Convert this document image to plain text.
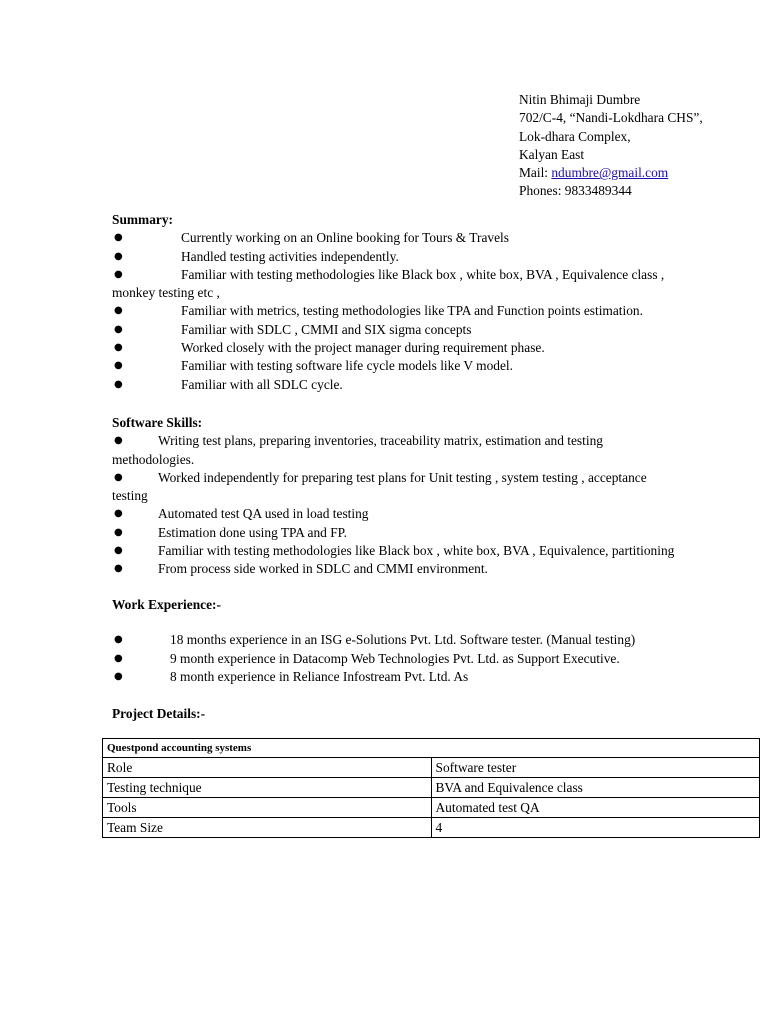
Nitin Bhimaji Dumbre
702/C-4, “Nandi-Lokdhara CHS”,
Lok-dhara Complex,
Kalyan East
Mail: ndumbre@gmail.com
Phones: 9833489344
Summary:
●	Currently working on an Online booking for Tours & Travels
●	Handled testing activities independently.
●	Familiar with testing methodologies like Black box , white box, BVA , Equivalence class ,
monkey testing etc ,
●	Familiar with metrics, testing methodologies like TPA and Function points estimation.
●	Familiar with SDLC , CMMI and SIX sigma concepts
●	Worked closely with the project manager during requirement phase.
●	Familiar with testing software life cycle models like V model.
●	Familiar with all SDLC cycle.
Software Skills:
●	Writing test plans, preparing inventories, traceability matrix, estimation and testing
methodologies.
●	Worked independently for preparing test plans for Unit testing , system testing , acceptance
testing
●	Automated test QA used in load testing
●	Estimation done using TPA and FP.
●	Familiar with testing methodologies like Black box , white box, BVA , Equivalence, partitioning
●	From process side worked in SDLC and CMMI environment.
Work Experience:-
●	18 months experience in an ISG e-Solutions Pvt. Ltd. Software tester. (Manual testing)
●	9 month experience in Datacomp Web Technologies Pvt. Ltd. as Support Executive.
●	8 month experience in Reliance Infostream Pvt. Ltd. As
Project Details:-
Questpond accounting systems	
Role	Software tester
Testing technique	BVA and Equivalence class
Tools	Automated test QA
Team Size	4
